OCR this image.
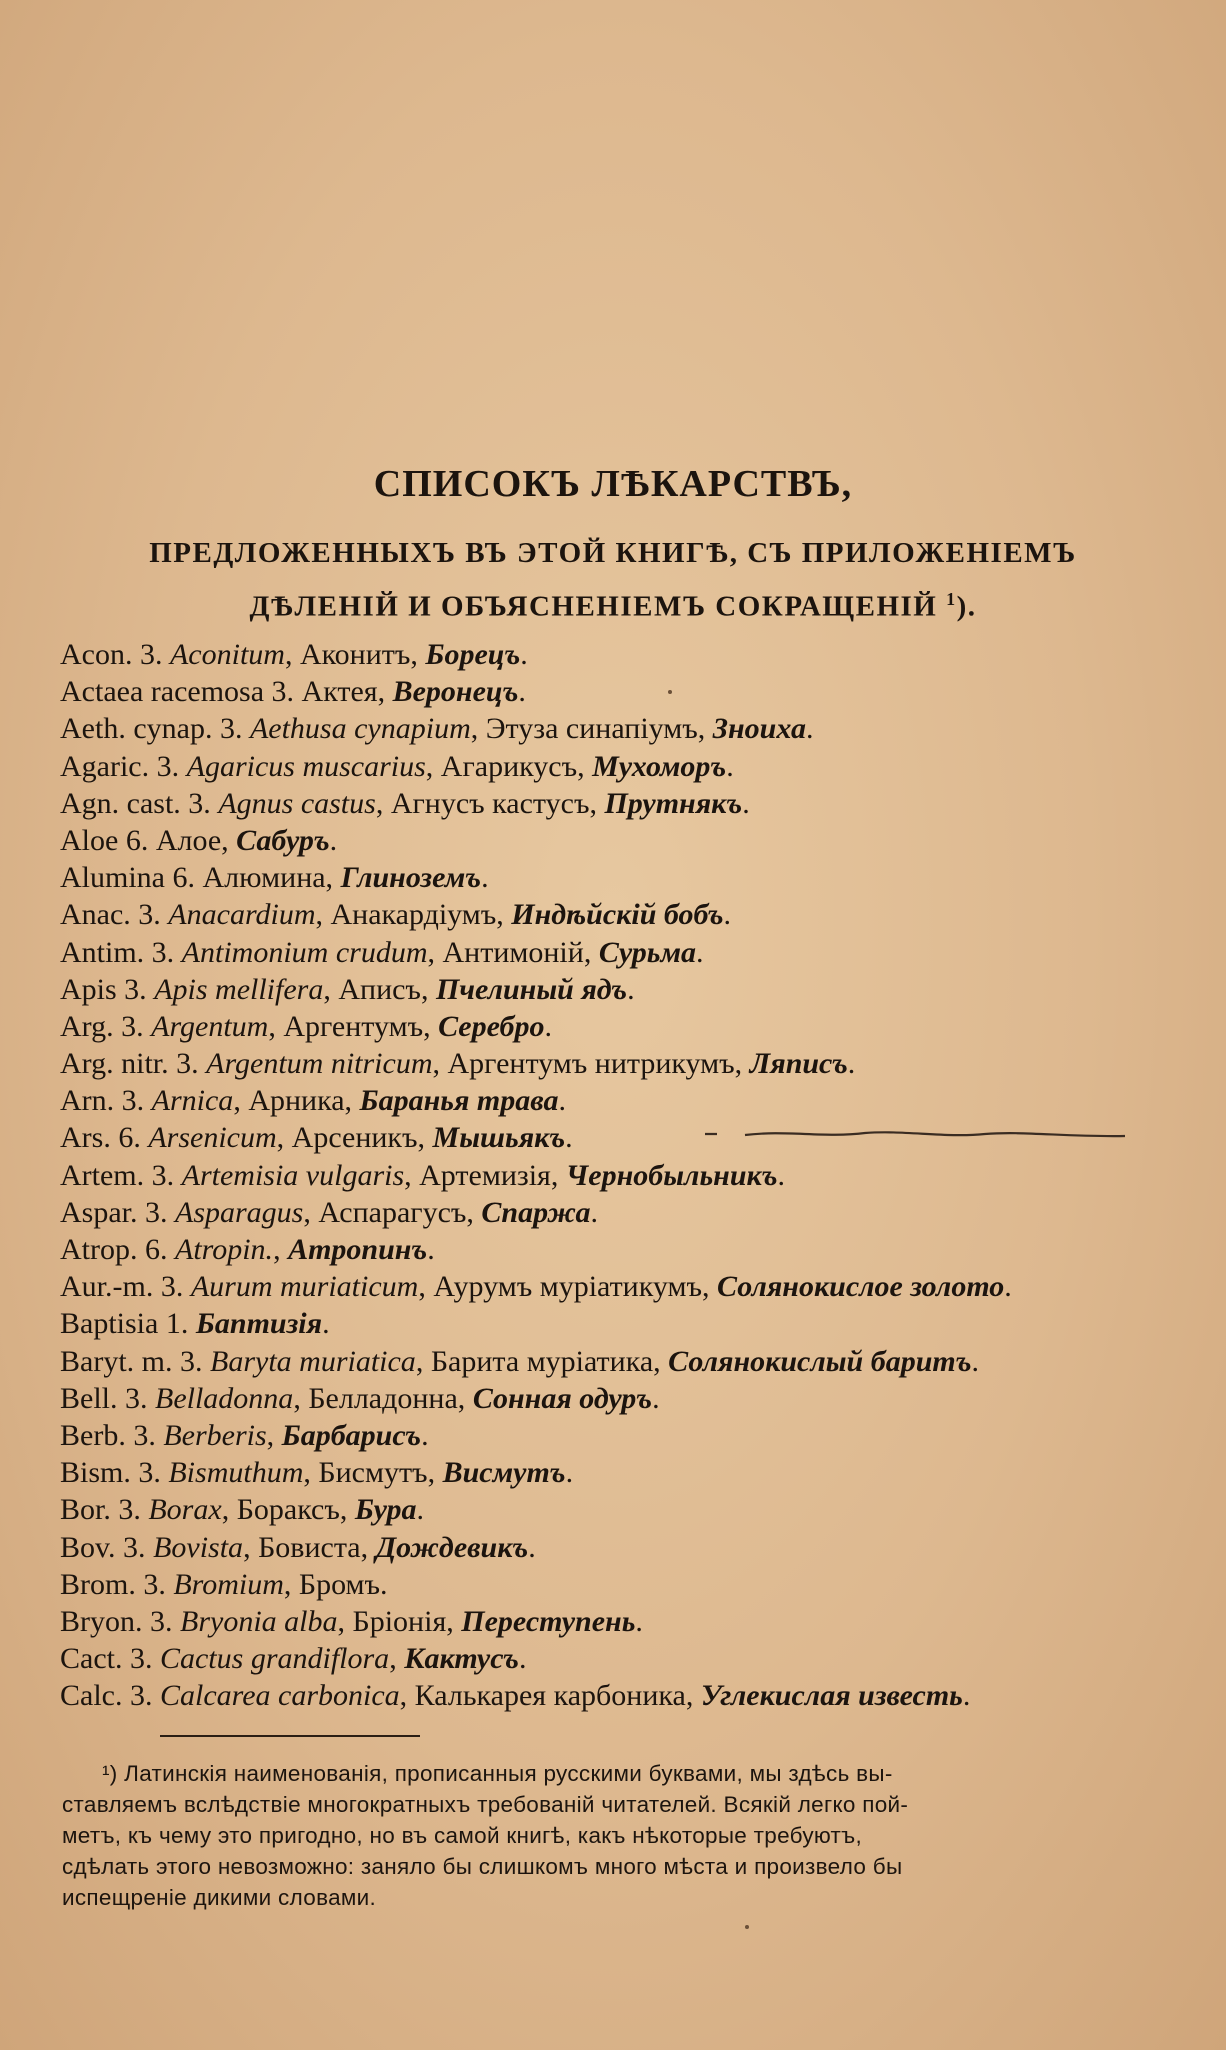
СПИСОКЪ ЛѢКАРСТВЪ,
ПРЕДЛОЖЕННЫХЪ ВЪ ЭТОЙ КНИГѢ, СЪ ПРИЛОЖЕНІЕМЪ
ДѢЛЕНІЙ И ОБЪЯСНЕНІЕМЪ СОКРАЩЕНІЙ $^1$).
Acon. 3. Aconitum, Аконитъ, Борецъ.
Actaea racemosa 3. Актея, Веронецъ.
Aeth. cynap. 3. Aethusa cynapium, Этуза синапіумъ, Зноиха.
Agaric. 3. Agaricus muscarius, Агарикусъ, Мухоморъ.
Agn. cast. 3. Agnus castus, Агнусъ кастусъ, Прутнякъ.
Aloe 6. Алое, Сабуръ.
Alumina 6. Алюмина, Глиноземъ.
Anac. 3. Anacardium, Анакардіумъ, Индѣйскій бобъ.
Antim. 3. Antimonium crudum, Антимоній, Сурьма.
Apis 3. Apis mellifera, Аписъ, Пчелиный ядъ.
Arg. 3. Argentum, Аргентумъ, Серебро.
Arg. nitr. 3. Argentum nitricum, Аргентумъ нитрикумъ, Ляписъ.
Arn. 3. Arnica, Арника, Баранья трава.
Ars. 6. Arsenicum, Арсеникъ, Мышьякъ.
Artem. 3. Artemisia vulgaris, Артемизія, Чернобыльникъ.
Aspar. 3. Asparagus, Аспарагусъ, Спаржа.
Atrop. 6. Atropin., Атропинъ.
Aur.-m. 3. Aurum muriaticum, Аурумъ муріатикумъ, Солянокислое золото.
Baptisia 1. Баптизія.
Baryt. m. 3. Baryta muriatica, Барита муріатика, Солянокислый баритъ.
Bell. 3. Belladonna, Белладонна, Сонная одуръ.
Berb. 3. Berberis, Барбарисъ.
Bism. 3. Bismuthum, Бисмутъ, Висмутъ.
Bor. 3. Borax, Бораксъ, Бура.
Bov. 3. Bovista, Бовиста, Дождевикъ.
Brom. 3. Bromium, Бромъ.
Bryon. 3. Bryonia alba, Бріонія, Переступень.
Cact. 3. Cactus grandiflora, Кактусъ.
Calc. 3. Calcarea carbonica, Калькарея карбоника, Углекислая известь.
¹) Латинскія наименованія, прописанныя русскими буквами, мы здѣсь вы-
ставляемъ вслѣдствіе многократныхъ требованій читателей. Всякій легко пой-
метъ, къ чему это пригодно, но въ самой книгѣ, какъ нѣкоторые требуютъ,
сдѣлать этого невозможно: заняло бы слишкомъ много мѣста и произвело бы
испещреніе дикими словами.
